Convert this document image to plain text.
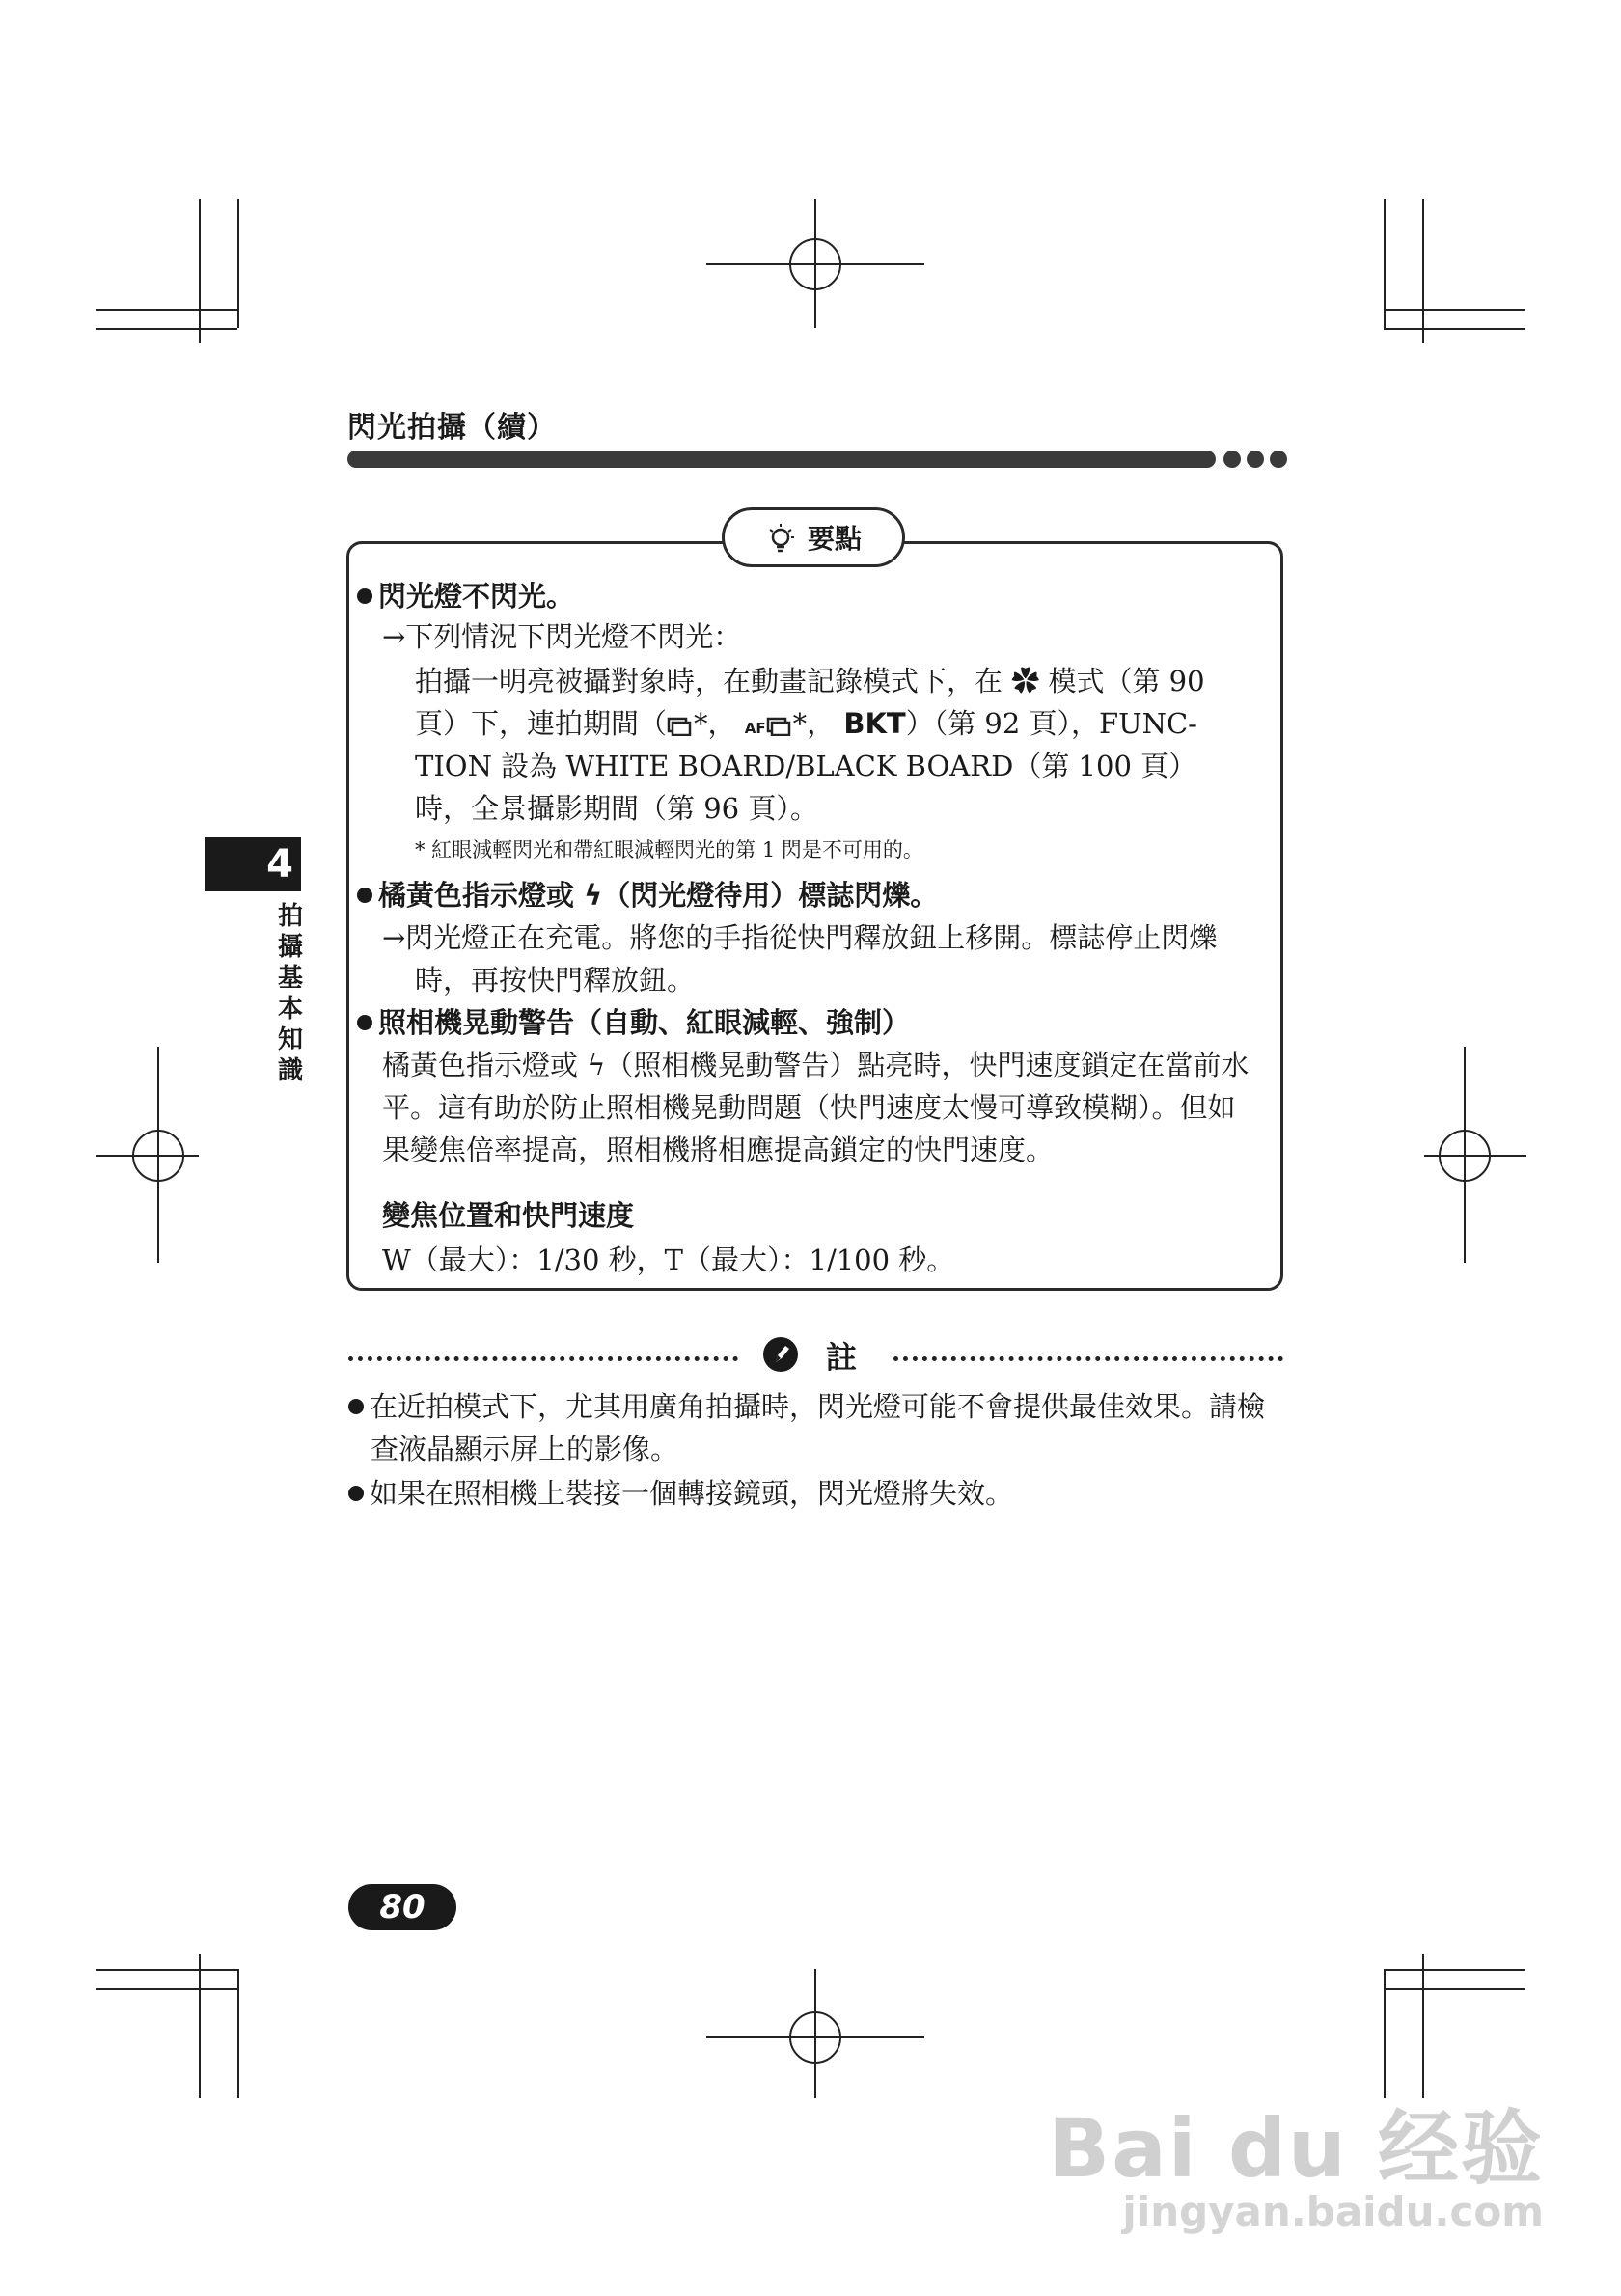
閃光拍攝（續）
要點
閃光燈不閃光。
→下列情況下閃光燈不閃光：
拍攝一明亮被攝對象時，在動畫記錄模式下，在 ✿ 模式（第 90
頁）下，連拍期間（ *， AF *， BKT）（第 92 頁），FUNC-
TION 設為 WHITE BOARD/BLACK BOARD（第 100 頁）
時，全景攝影期間（第 96 頁）。
* 紅眼減輕閃光和帶紅眼減輕閃光的第 1 閃是不可用的。
橘黃色指示燈或 ϟ（閃光燈待用）標誌閃爍。
→閃光燈正在充電。將您的手指從快門釋放鈕上移開。標誌停止閃爍
時，再按快門釋放鈕。
照相機晃動警告（自動、紅眼減輕、強制）
橘黃色指示燈或 ϟ（照相機晃動警告）點亮時，快門速度鎖定在當前水
平。這有助於防止照相機晃動問題（快門速度太慢可導致模糊）。但如
果變焦倍率提高，照相機將相應提高鎖定的快門速度。
變焦位置和快門速度
W（最大）：1/30 秒，T（最大）：1/100 秒。
註
在近拍模式下，尤其用廣角拍攝時，閃光燈可能不會提供最佳效果。請檢
查液晶顯示屏上的影像。
如果在照相機上裝接一個轉接鏡頭，閃光燈將失效。
4
拍攝基本知識
80
Bai du 经验
jingyan.baidu.com
